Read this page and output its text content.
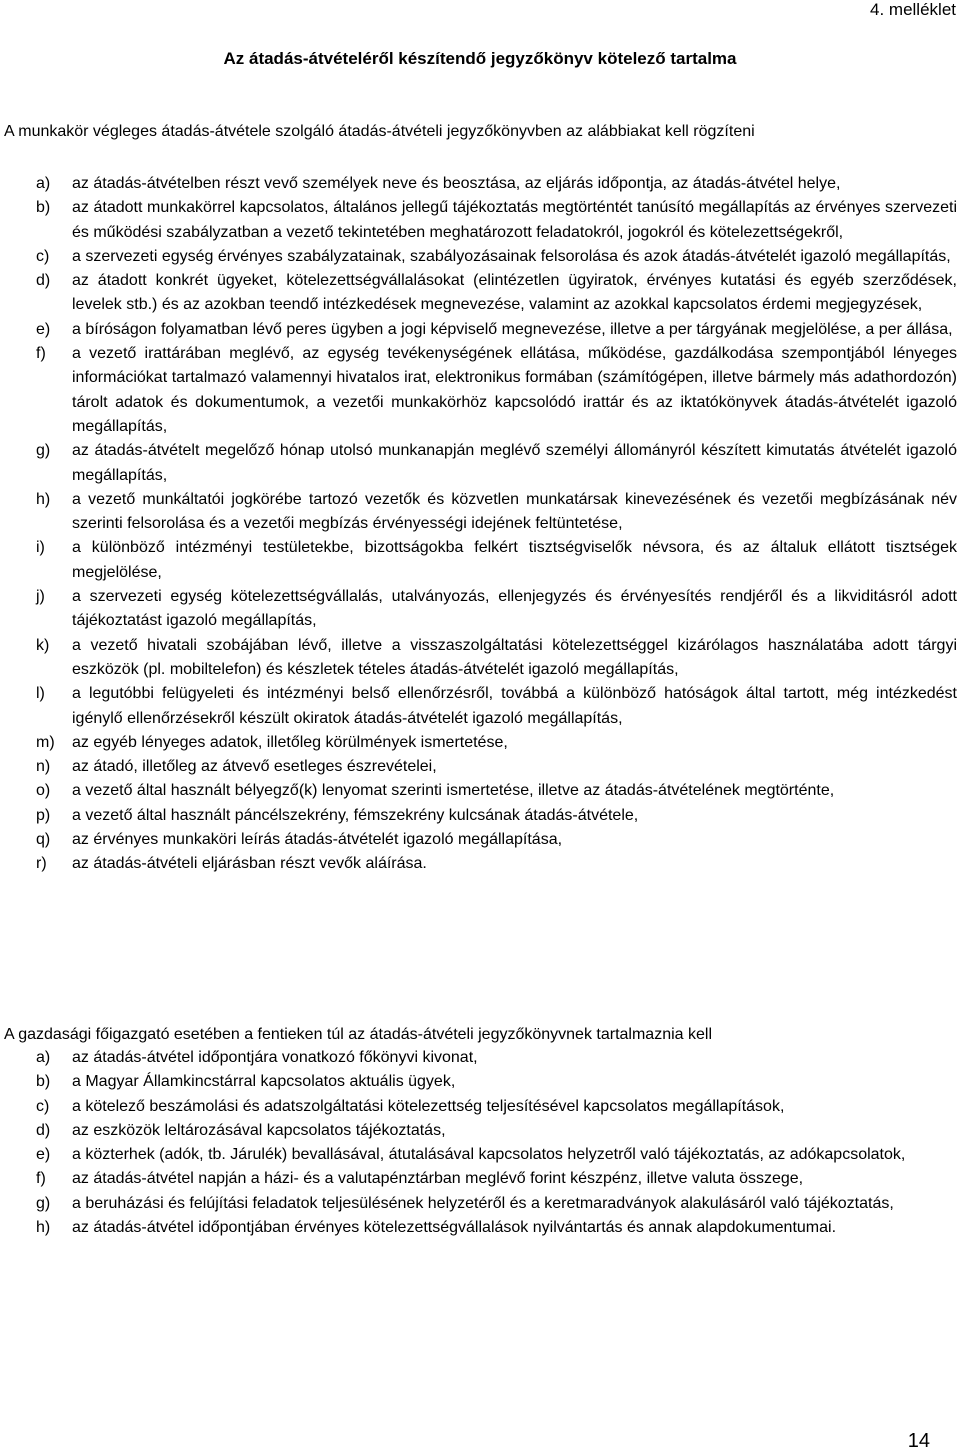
4. melléklet
Az átadás-átvételéről készítendő jegyzőkönyv kötelező tartalma
A munkakör végleges átadás-átvétele szolgáló átadás-átvételi jegyzőkönyvben az alábbiakat kell rögzíteni
a)	az átadás-átvételben részt vevő személyek neve és beosztása, az eljárás időpontja, az átadás-átvétel helye,
b)	az átadott munkakörrel kapcsolatos, általános jellegű tájékoztatás megtörténtét tanúsító megállapítás az érvényes szervezeti és működési szabályzatban a vezető tekintetében meghatározott feladatokról, jogokról és kötelezettségekről,
c)	a szervezeti egység érvényes szabályzatainak, szabályozásainak felsorolása és azok átadás-átvételét igazoló megállapítás,
d)	az átadott konkrét ügyeket, kötelezettségvállalásokat (elintézetlen ügyiratok, érvényes kutatási és egyéb szerződések, levelek stb.) és az azokban teendő intézkedések megnevezése, valamint az azokkal kapcsolatos érdemi megjegyzések,
e)	a bíróságon folyamatban lévő peres ügyben a jogi képviselő megnevezése, illetve a per tárgyának megjelölése, a per állása,
f)	a vezető irattárában meglévő, az egység tevékenységének ellátása, működése, gazdálkodása szempontjából lényeges információkat tartalmazó valamennyi hivatalos irat, elektronikus formában (számítógépen, illetve bármely más adathordozón) tárolt adatok és dokumentumok, a vezetői munkakörhöz kapcsolódó irattár és az iktatókönyvek átadás-átvételét igazoló megállapítás,
g)	az átadás-átvételt megelőző hónap utolsó munkanapján meglévő személyi állományról készített kimutatás átvételét igazoló megállapítás,
h)	a vezető munkáltatói jogkörébe tartozó vezetők és közvetlen munkatársak kinevezésének és vezetői megbízásának név szerinti felsorolása és a vezetői megbízás érvényességi idejének feltüntetése,
i)	a különböző intézményi testületekbe, bizottságokba felkért tisztségviselők névsora, és az általuk ellátott tisztségek megjelölése,
j)	a szervezeti egység kötelezettségvállalás, utalványozás, ellenjegyzés és érvényesítés rendjéről és a likviditásról adott tájékoztatást igazoló megállapítás,
k)	a vezető hivatali szobájában lévő, illetve a visszaszolgáltatási kötelezettséggel kizárólagos használatába adott tárgyi eszközök (pl. mobiltelefon) és készletek tételes átadás-átvételét igazoló megállapítás,
l)	a legutóbbi felügyeleti és intézményi belső ellenőrzésről, továbbá a különböző hatóságok által tartott, még intézkedést igénylő ellenőrzésekről készült okiratok átadás-átvételét igazoló megállapítás,
m)	az egyéb lényeges adatok, illetőleg körülmények ismertetése,
n)	az átadó, illetőleg az átvevő esetleges észrevételei,
o)	a vezető által használt bélyegző(k) lenyomat szerinti ismertetése, illetve az átadás-átvételének megtörténte,
p)	a vezető által használt páncélszekrény, fémszekrény kulcsának átadás-átvétele,
q)	az érvényes munkaköri leírás átadás-átvételét igazoló megállapítása,
r)	az átadás-átvételi eljárásban részt vevők aláírása.
A gazdasági főigazgató esetében a fentieken túl az átadás-átvételi jegyzőkönyvnek tartalmaznia kell
a)	az átadás-átvétel időpontjára vonatkozó főkönyvi kivonat,
b)	a Magyar Államkincstárral kapcsolatos aktuális ügyek,
c)	a kötelező beszámolási és adatszolgáltatási kötelezettség teljesítésével kapcsolatos megállapítások,
d)	az eszközök leltározásával kapcsolatos tájékoztatás,
e)	a közterhek (adók, tb. Járulék) bevallásával, átutalásával kapcsolatos helyzetről való tájékoztatás, az adókapcsolatok,
f)	az átadás-átvétel napján a házi- és a valutapénztárban meglévő forint készpénz, illetve valuta összege,
g)	a beruházási és felújítási feladatok teljesülésének helyzetéről és a keretmaradványok alakulásáról való tájékoztatás,
h)	az átadás-átvétel időpontjában érvényes kötelezettségvállalások nyilvántartás és annak alapdokumentumai.
14
